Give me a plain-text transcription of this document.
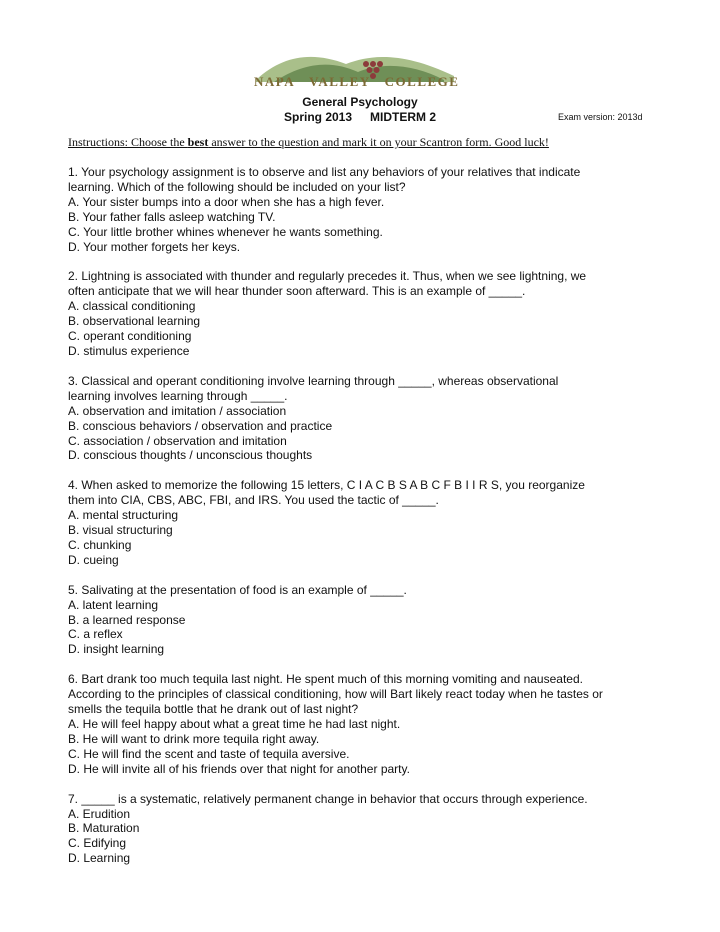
NAPA VALLEY COLLEGE
General Psychology
Spring 2013 MIDTERM 2	Exam version: 2013d
Instructions: Choose the best answer to the question and mark it on your Scantron form. Good luck!
1. Your psychology assignment is to observe and list any behaviors of your relatives that indicate
learning. Which of the following should be included on your list?
A. Your sister bumps into a door when she has a high fever.
B. Your father falls asleep watching TV.
C. Your little brother whines whenever he wants something.
D. Your mother forgets her keys.
2. Lightning is associated with thunder and regularly precedes it. Thus, when we see lightning, we
often anticipate that we will hear thunder soon afterward. This is an example of _____.
A. classical conditioning
B. observational learning
C. operant conditioning
D. stimulus experience
3. Classical and operant conditioning involve learning through _____, whereas observational
learning involves learning through _____.
A. observation and imitation / association
B. conscious behaviors / observation and practice
C. association / observation and imitation
D. conscious thoughts / unconscious thoughts
4. When asked to memorize the following 15 letters, C I A C B S A B C F B I I R S, you reorganize
them into CIA, CBS, ABC, FBI, and IRS. You used the tactic of _____.
A. mental structuring
B. visual structuring
C. chunking
D. cueing
5. Salivating at the presentation of food is an example of _____.
A. latent learning
B. a learned response
C. a reflex
D. insight learning
6. Bart drank too much tequila last night. He spent much of this morning vomiting and nauseated.
According to the principles of classical conditioning, how will Bart likely react today when he tastes or
smells the tequila bottle that he drank out of last night?
A. He will feel happy about what a great time he had last night.
B. He will want to drink more tequila right away.
C. He will find the scent and taste of tequila aversive.
D. He will invite all of his friends over that night for another party.
7. _____ is a systematic, relatively permanent change in behavior that occurs through experience.
A. Erudition
B. Maturation
C. Edifying
D. Learning
